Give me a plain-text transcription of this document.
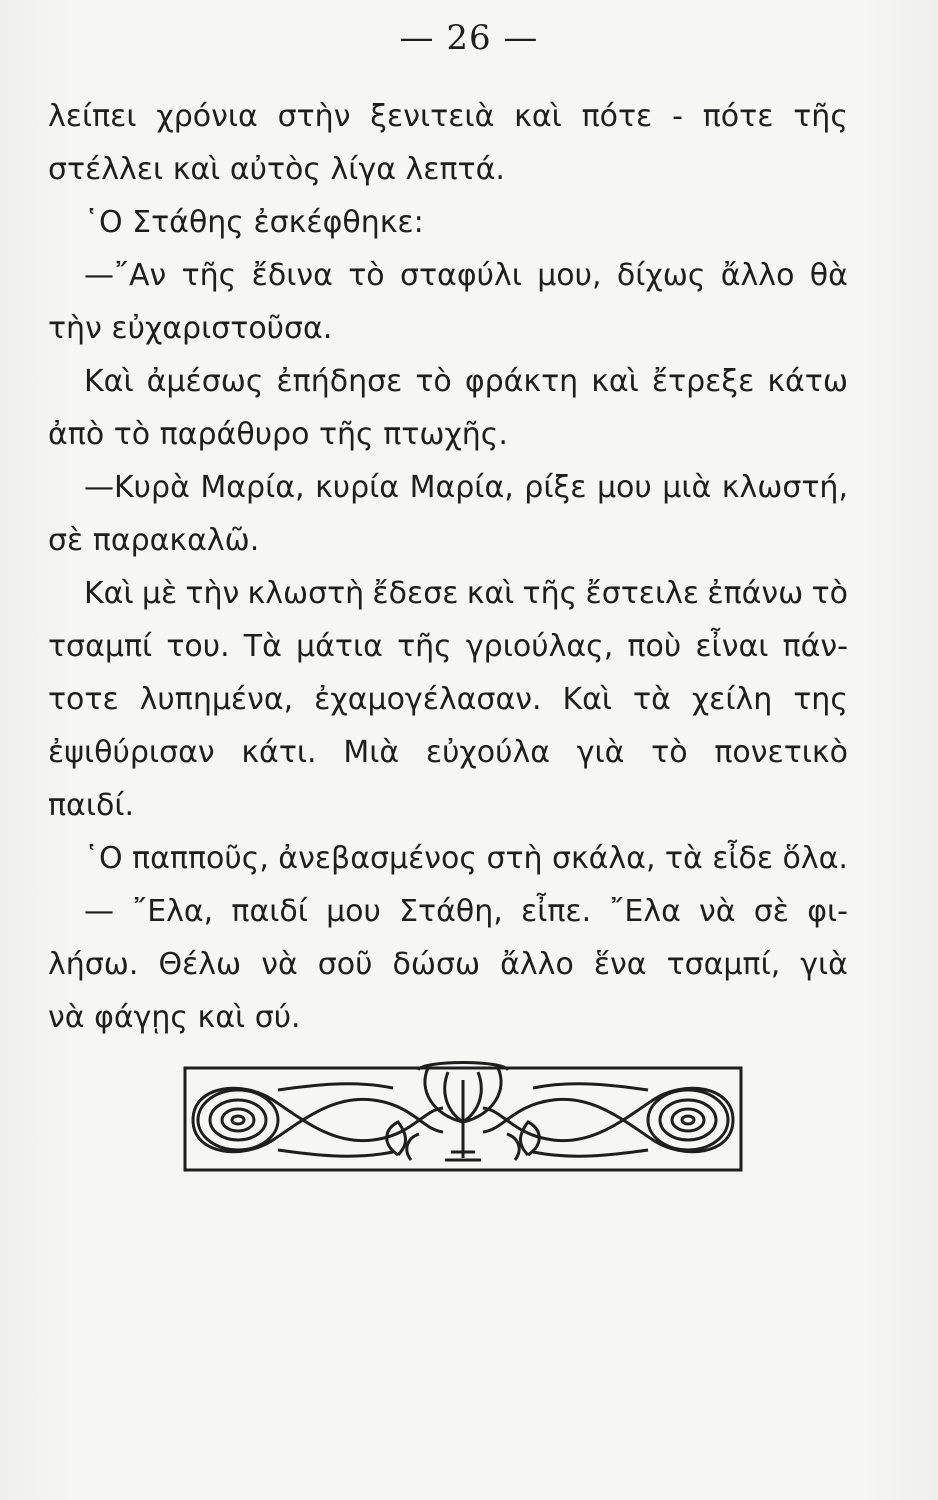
— 26 —
λείπει χρόνια στὴν ξενιτειὰ καὶ πότε - πότε τῆς
στέλλει καὶ αὐτὸς λίγα λεπτά.
῾Ο Στάθης ἐσκέφθηκε:
—῎Αν τῆς ἔδινα τὸ σταφύλι μου, δίχως ἄλλο θὰ
τὴν εὐχαριστοῦσα.
Καὶ ἀμέσως ἐπήδησε τὸ φράκτη καὶ ἔτρεξε κάτω
ἀπὸ τὸ παράθυρο τῆς πτωχῆς.
—Κυρὰ Μαρία, κυρία Μαρία, ρίξε μου μιὰ κλωστή,
σὲ παρακαλῶ.
Καὶ μὲ τὴν κλωστὴ ἔδεσε καὶ τῆς ἔστειλε ἐπάνω τὸ
τσαμπί του. Τὰ μάτια τῆς γριούλας, ποὺ εἶναι πάν-
τοτε λυπημένα, ἐχαμογέλασαν. Καὶ τὰ χείλη της
ἐψιθύρισαν κάτι. Μιὰ εὐχούλα γιὰ τὸ πονετικὸ
παιδί.
῾Ο παπποῦς, ἀνεβασμένος στὴ σκάλα, τὰ εἶδε ὅλα.
— ῎Ελα, παιδί μου Στάθη, εἶπε. ῎Ελα νὰ σὲ φι-
λήσω. Θέλω νὰ σοῦ δώσω ἄλλο ἕνα τσαμπί, γιὰ
νὰ φάγῃς καὶ σύ.
